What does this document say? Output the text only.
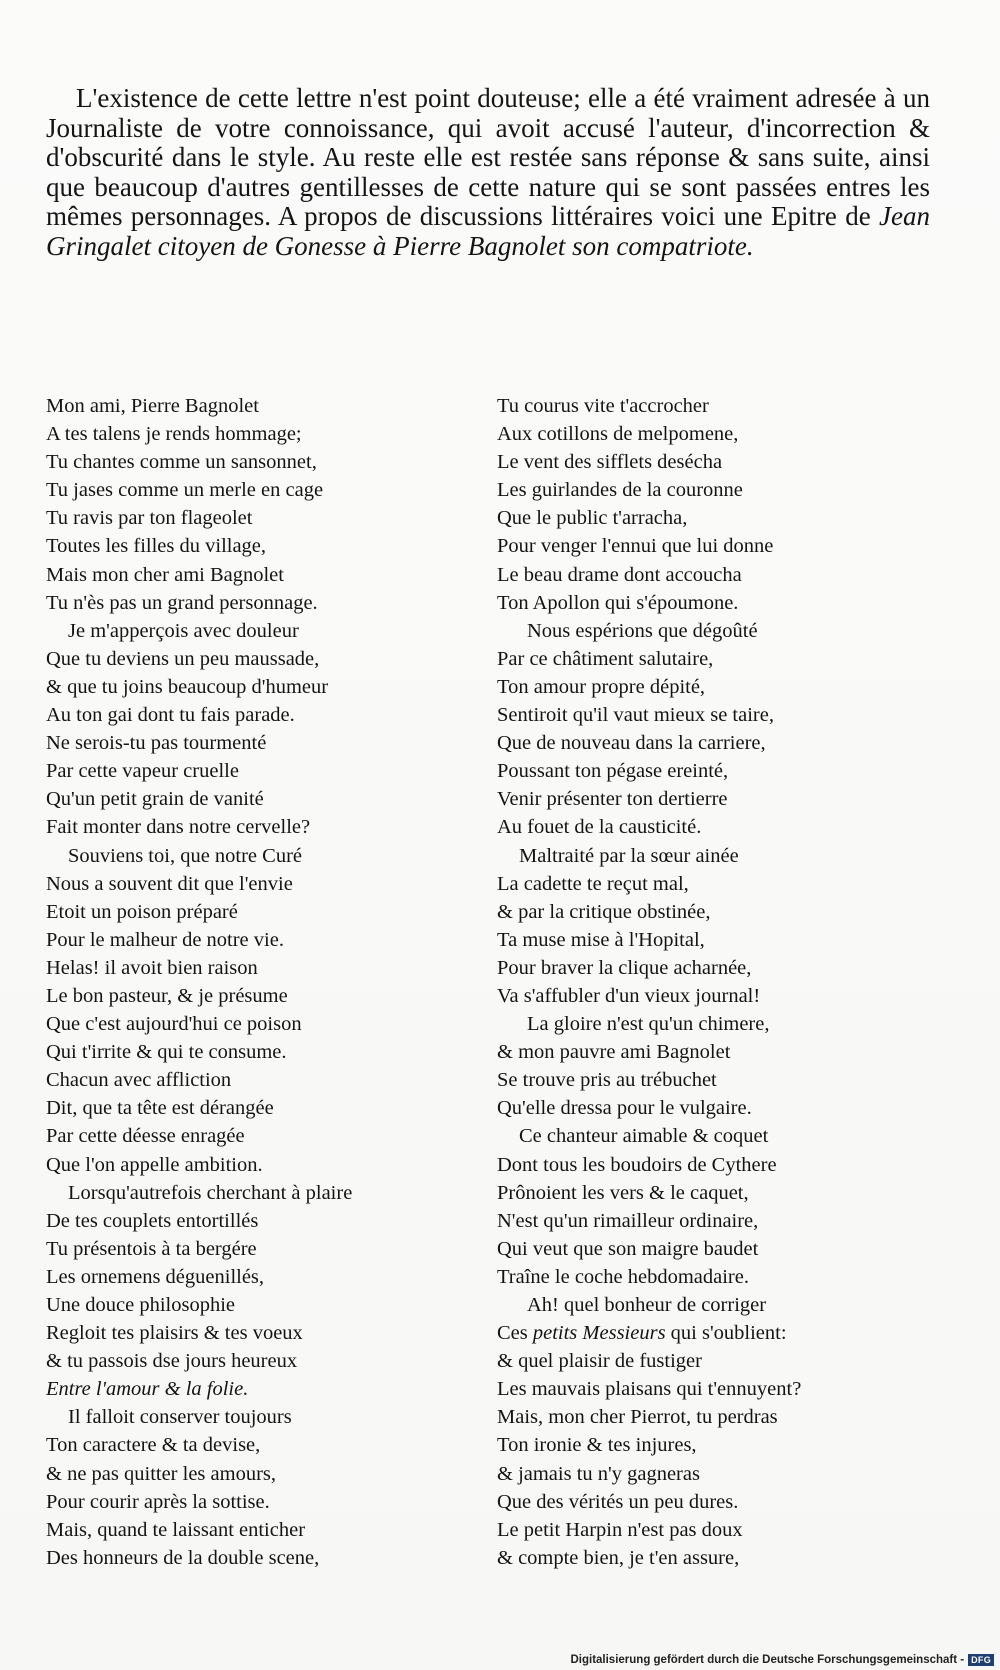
L'existence de cette lettre n'est point douteuse; elle a été vraiment adresée à un Journaliste de votre connoissance, qui avoit accusé l'auteur, d'incorrection & d'obscurité dans le style. Au reste elle est restée sans réponse & sans suite, ainsi que beaucoup d'autres gentillesses de cette nature qui se sont passées entres les mêmes personnages. A propos de discussions littéraires voici une Epitre de Jean Gringalet citoyen de Gonesse à Pierre Bagnolet son compatriote.
Mon ami, Pierre Bagnolet
A tes talens je rends hommage;
Tu chantes comme un sansonnet,
Tu jases comme un merle en cage
Tu ravis par ton flageolet
Toutes les filles du village,
Mais mon cher ami Bagnolet
Tu n'ès pas un grand personnage.
Je m'apperçois avec douleur
Que tu deviens un peu maussade,
& que tu joins beaucoup d'humeur
Au ton gai dont tu fais parade.
Ne serois-tu pas tourmenté
Par cette vapeur cruelle
Qu'un petit grain de vanité
Fait monter dans notre cervelle?
Souviens toi, que notre Curé
Nous a souvent dit que l'envie
Etoit un poison préparé
Pour le malheur de notre vie.
Helas! il avoit bien raison
Le bon pasteur, & je présume
Que c'est aujourd'hui ce poison
Qui t'irrite & qui te consume.
Chacun avec affliction
Dit, que ta tête est dérangée
Par cette déesse enragée
Que l'on appelle ambition.
Lorsqu'autrefois cherchant à plaire
De tes couplets entortillés
Tu présentois à ta bergére
Les ornemens déguenillés,
Une douce philosophie
Regloit tes plaisirs & tes voeux
& tu passois dse jours heureux
Entre l'amour & la folie.
Il falloit conserver toujours
Ton caractere & ta devise,
& ne pas quitter les amours,
Pour courir après la sottise.
Mais, quand te laissant enticher
Des honneurs de la double scene,
Tu courus vite t'accrocher
Aux cotillons de melpomene,
Le vent des sifflets desécha
Les guirlandes de la couronne
Que le public t'arracha,
Pour venger l'ennui que lui donne
Le beau drame dont accoucha
Ton Apollon qui s'époumone.
Nous espérions que dégoûté
Par ce châtiment salutaire,
Ton amour propre dépité,
Sentiroit qu'il vaut mieux se taire,
Que de nouveau dans la carriere,
Poussant ton pégase ereinté,
Venir présenter ton dertierre
Au fouet de la causticité.
Maltraité par la sœur ainée
La cadette te reçut mal,
& par la critique obstinée,
Ta muse mise à l'Hopital,
Pour braver la clique acharnée,
Va s'affubler d'un vieux journal!
La gloire n'est qu'un chimere,
& mon pauvre ami Bagnolet
Se trouve pris au trébuchet
Qu'elle dressa pour le vulgaire.
Ce chanteur aimable & coquet
Dont tous les boudoirs de Cythere
Prônoient les vers & le caquet,
N'est qu'un rimailleur ordinaire,
Qui veut que son maigre baudet
Traîne le coche hebdomadaire.
Ah! quel bonheur de corriger
Ces petits Messieurs qui s'oublient:
& quel plaisir de fustiger
Les mauvais plaisans qui t'ennuyent?
Mais, mon cher Pierrot, tu perdras
Ton ironie & tes injures,
& jamais tu n'y gagneras
Que des vérités un peu dures.
Le petit Harpin n'est pas doux
& compte bien, je t'en assure,
Digitalisierung gefördert durch die Deutsche Forschungsgemeinschaft - DFG
